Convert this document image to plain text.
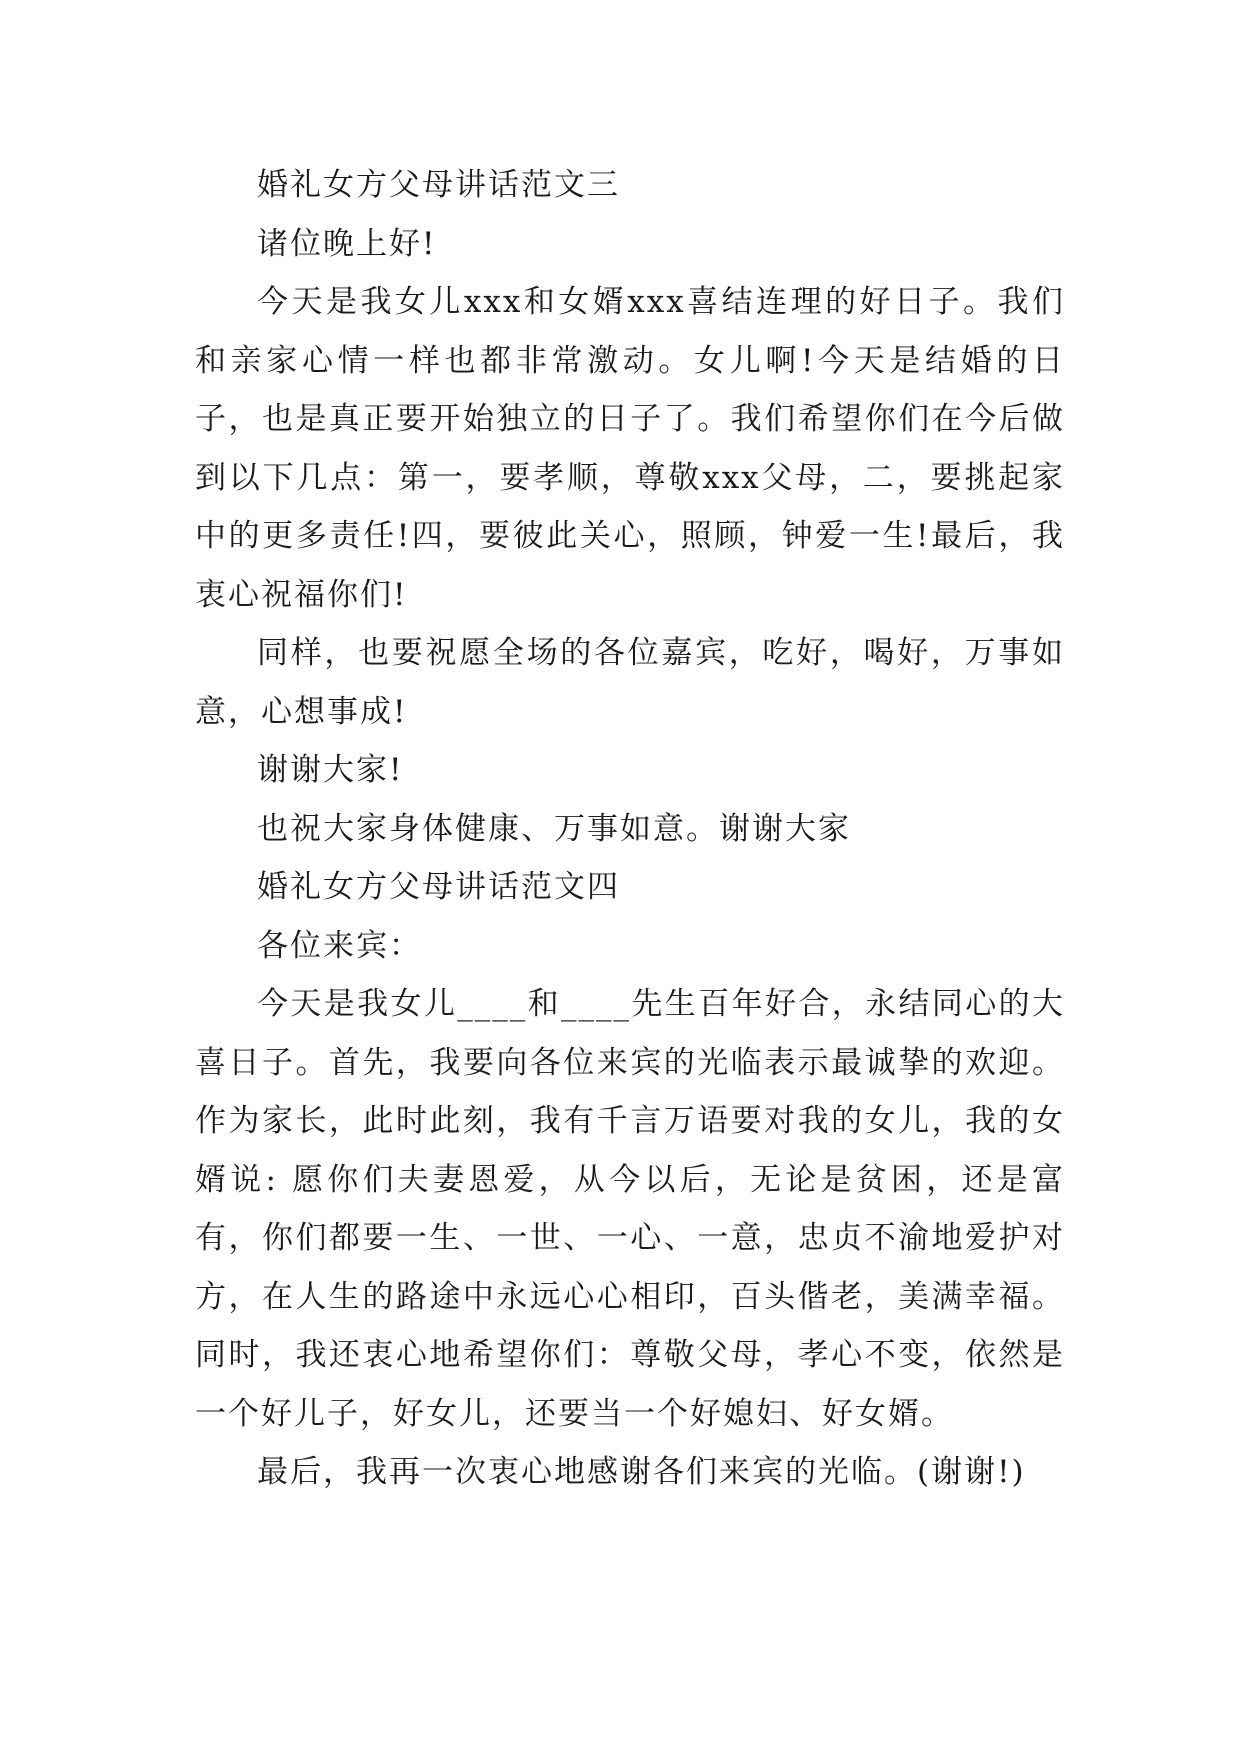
婚礼女方父母讲话范文三

诸位晚上好!

今天是我女儿xxx和女婿xxx喜结连理的好日子。我们和亲家心情一样也都非常激动。女儿啊!今天是结婚的日子，也是真正要开始独立的日子了。我们希望你们在今后做到以下几点：第一，要孝顺，尊敬xxx父母，二，要挑起家中的更多责任!四，要彼此关心，照顾，钟爱一生!最后，我衷心祝福你们!

同样，也要祝愿全场的各位嘉宾，吃好，喝好，万事如意，心想事成!

谢谢大家!

也祝大家身体健康、万事如意。谢谢大家

婚礼女方父母讲话范文四

各位来宾：

今天是我女儿____和____先生百年好合，永结同心的大喜日子。首先，我要向各位来宾的光临表示最诚挚的欢迎。作为家长，此时此刻，我有千言万语要对我的女儿，我的女婿说: 愿你们夫妻恩爱，从今以后，无论是贫困，还是富有，你们都要一生、一世、一心、一意，忠贞不渝地爱护对方，在人生的路途中永远心心相印，百头偕老，美满幸福。同时，我还衷心地希望你们：尊敬父母，孝心不变，依然是一个好儿子，好女儿，还要当一个好媳妇、好女婿。

最后，我再一次衷心地感谢各们来宾的光临。(谢谢!)
